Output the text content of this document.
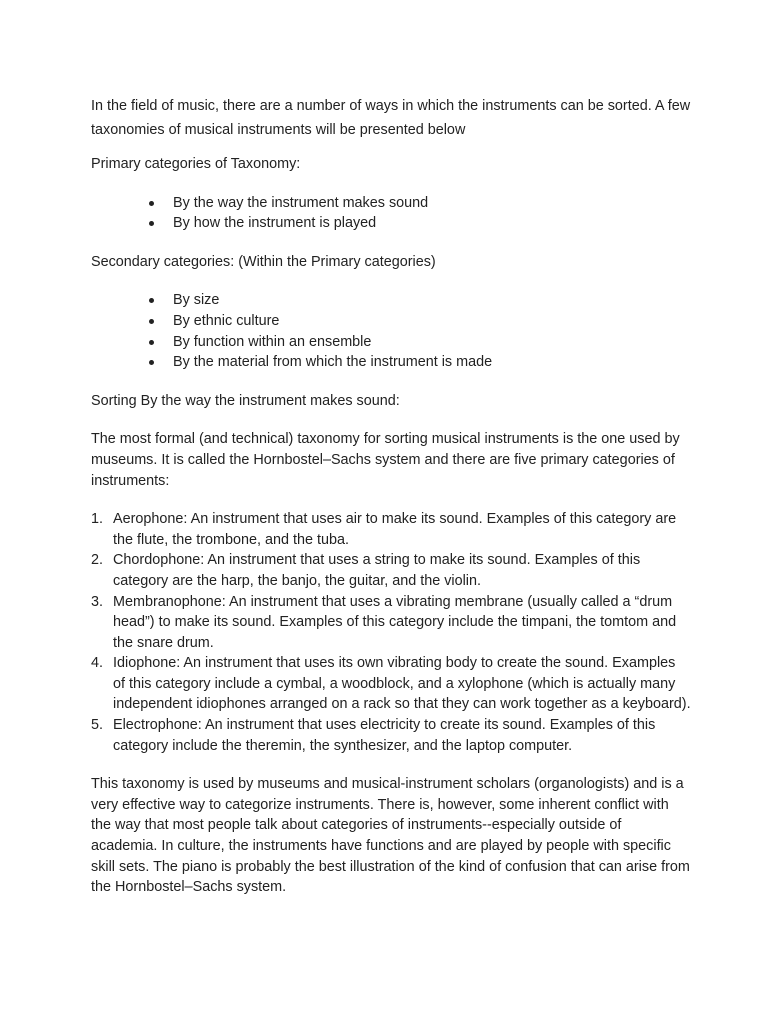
In the field of music, there are a number of ways in which the instruments can be sorted. A few taxonomies of musical instruments will be presented below

Primary categories of Taxonomy:

By the way the instrument makes sound
By how the instrument is played

Secondary categories: (Within the Primary categories)

By size
By ethnic culture
By function within an ensemble
By the material from which the instrument is made

Sorting By the way the instrument makes sound:

The most formal (and technical) taxonomy for sorting musical instruments is the one used by museums. It is called the Hornbostel–Sachs system and there are five primary categories of instruments:

1. Aerophone: An instrument that uses air to make its sound. Examples of this category are the flute, the trombone, and the tuba.
2. Chordophone: An instrument that uses a string to make its sound. Examples of this category are the harp, the banjo, the guitar, and the violin.
3. Membranophone: An instrument that uses a vibrating membrane (usually called a “drum head”) to make its sound. Examples of this category include the timpani, the tomtom and the snare drum.
4. Idiophone: An instrument that uses its own vibrating body to create the sound. Examples of this category include a cymbal, a woodblock, and a xylophone (which is actually many independent idiophones arranged on a rack so that they can work together as a keyboard).
5. Electrophone: An instrument that uses electricity to create its sound. Examples of this category include the theremin, the synthesizer, and the laptop computer.

This taxonomy is used by museums and musical-instrument scholars (organologists) and is a very effective way to categorize instruments. There is, however, some inherent conflict with the way that most people talk about categories of instruments--especially outside of academia. In culture, the instruments have functions and are played by people with specific skill sets. The piano is probably the best illustration of the kind of confusion that can arise from the Hornbostel–Sachs system.
